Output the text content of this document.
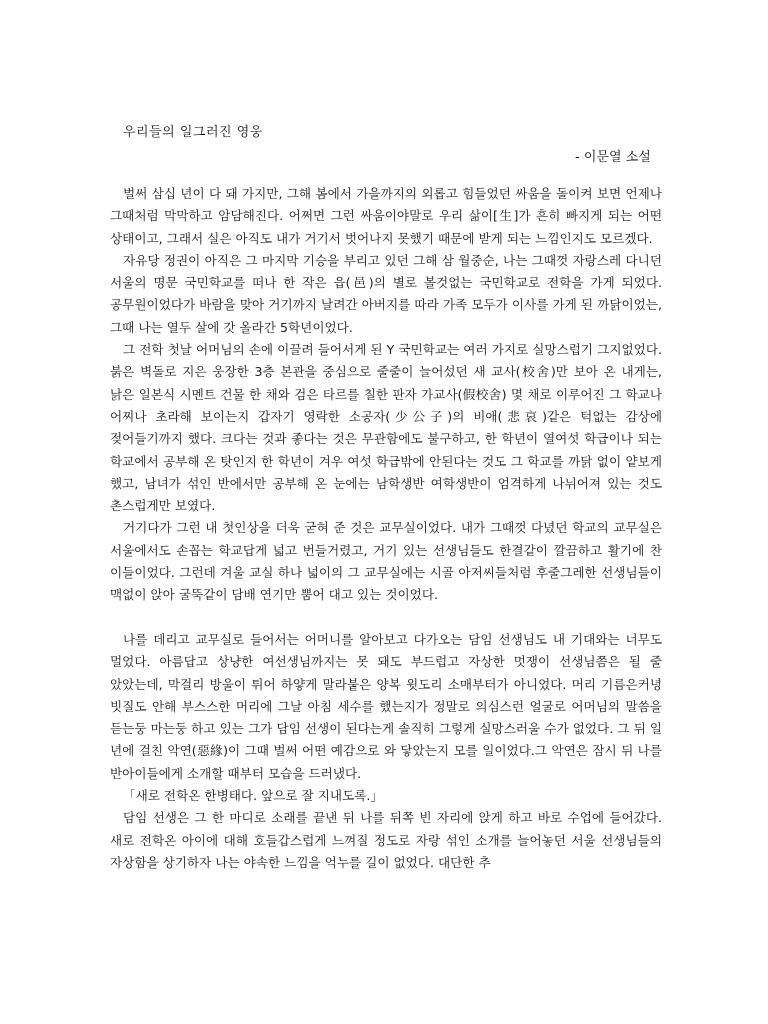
우리들의 일그러진 영웅
- 이문열 소설

벌써 삼십 년이 다 돼 가지만, 그해 봄에서 가을까지의 외롭고 힘들었던 싸움을 돌이켜 보면 언제나 그때처럼 막막하고 암담해진다. 어쩌면 그런 싸움이야말로 우리 삶이[生]가 흔히 빠지게 되는 어떤 상태이고, 그래서 실은 아직도 내가 거기서 벗어나지 못했기 때문에 받게 되는 느낌인지도 모르겠다.

자유당 정권이 아직은 그 마지막 기승을 부리고 있던 그해 삼 월중순, 나는 그때껏 자랑스레 다니던 서울의 명문 국민학교를 떠나 한 작은 읍(邑)의 별로 볼것없는 국민학교로 전학을 가게 되었다. 공무원이었다가 바람을 맞아 거기까지 날려간 아버지를 따라 가족 모두가 이사를 가게 된 까닭이었는, 그때 나는 열두 살에 갓 올라간 5학년이었다.

그 전학 첫날 어머님의 손에 이끌려 들어서게 된 Y 국민학교는 여러 가지로 실망스럽기 그지없었다. 붉은 벽돌로 지은 웅장한 3층 본관을 중심으로 줄줄이 늘어섰던 새 교사(校舍)만 보아 온 내게는, 낡은 일본식 시멘트 건물 한 채와 검은 타르를 칠한 판자 가교사(假校舍) 몇 채로 이루어진 그 학교나 어찌나 초라해 보이는지 갑자기 영락한 소공자(少公子)의 비애(悲哀)같은 턱없는 감상에 젖어들기까지 했다. 크다는 것과 좋다는 것은 무관함에도 불구하고, 한 학년이 열여섯 학급이나 되는 학교에서 공부해 온 탓인지 한 학년이 겨우 여섯 학급밖에 안된다는 것도 그 학교를 까닭 없이 얕보게 했고, 남녀가 섞인 반에서만 공부해 온 눈에는 남학생반 여학생반이 엄격하게 나뉘어져 있는 것도 촌스럽게만 보였다.

거기다가 그런 내 첫인상을 더욱 굳혀 준 것은 교무실이었다. 내가 그때껏 다녔던 학교의 교무실은 서울에서도 손꼽는 학교답게 넓고 번들거렸고, 거기 있는 선생님들도 한결같이 깔끔하고 활기에 찬 이들이었다. 그런데 겨울 교실 하나 넓이의 그 교무실에는 시골 아저씨들처럼 후줄그레한 선생님들이 맥없이 앉아 굴뚝같이 담배 연기만 뿜어 대고 있는 것이었다.

나를 데리고 교무실로 들어서는 어머니를 알아보고 다가오는 담임 선생님도 내 기대와는 너무도 멀었다. 아름답고 상냥한 여선생님까지는 못 돼도 부드럽고 자상한 멋쟁이 선생님쯤은 될 줄 았았는데, 막걸리 방울이 튀어 하얗게 말라붙은 양복 윗도리 소매부터가 아니었다. 머리 기름은커녕 빗질도 안해 부스스한 머리에 그날 아침 세수를 했는지가 정말로 의심스런 얼굴로 어머님의 말씀을 듣는둥 마는둥 하고 있는 그가 담임 선생이 된다는게 솔직히 그렇게 실망스러울 수가 없었다. 그 뒤 일 년에 걸친 악연(惡緣)이 그때 벌써 어떤 예감으로 와 닿았는지 모를 일이었다.그 악연은 잠시 뒤 나를 반아이들에게 소개할 때부터 모습을 드러냈다.

「새로 전학온 한병태다. 앞으로 잘 지내도록.」

담임 선생은 그 한 마디로 소래를 끝낸 뒤 나를 뒤쪽 빈 자리에 앉게 하고 바로 수업에 들어갔다. 새로 전학온 아이에 대해 호들갑스럽게 느껴질 정도로 자랑 섞인 소개를 늘어놓던 서울 선생님들의 자상함을 상기하자 나는 야속한 느낌을 억누를 길이 없었다. 대단한 추
